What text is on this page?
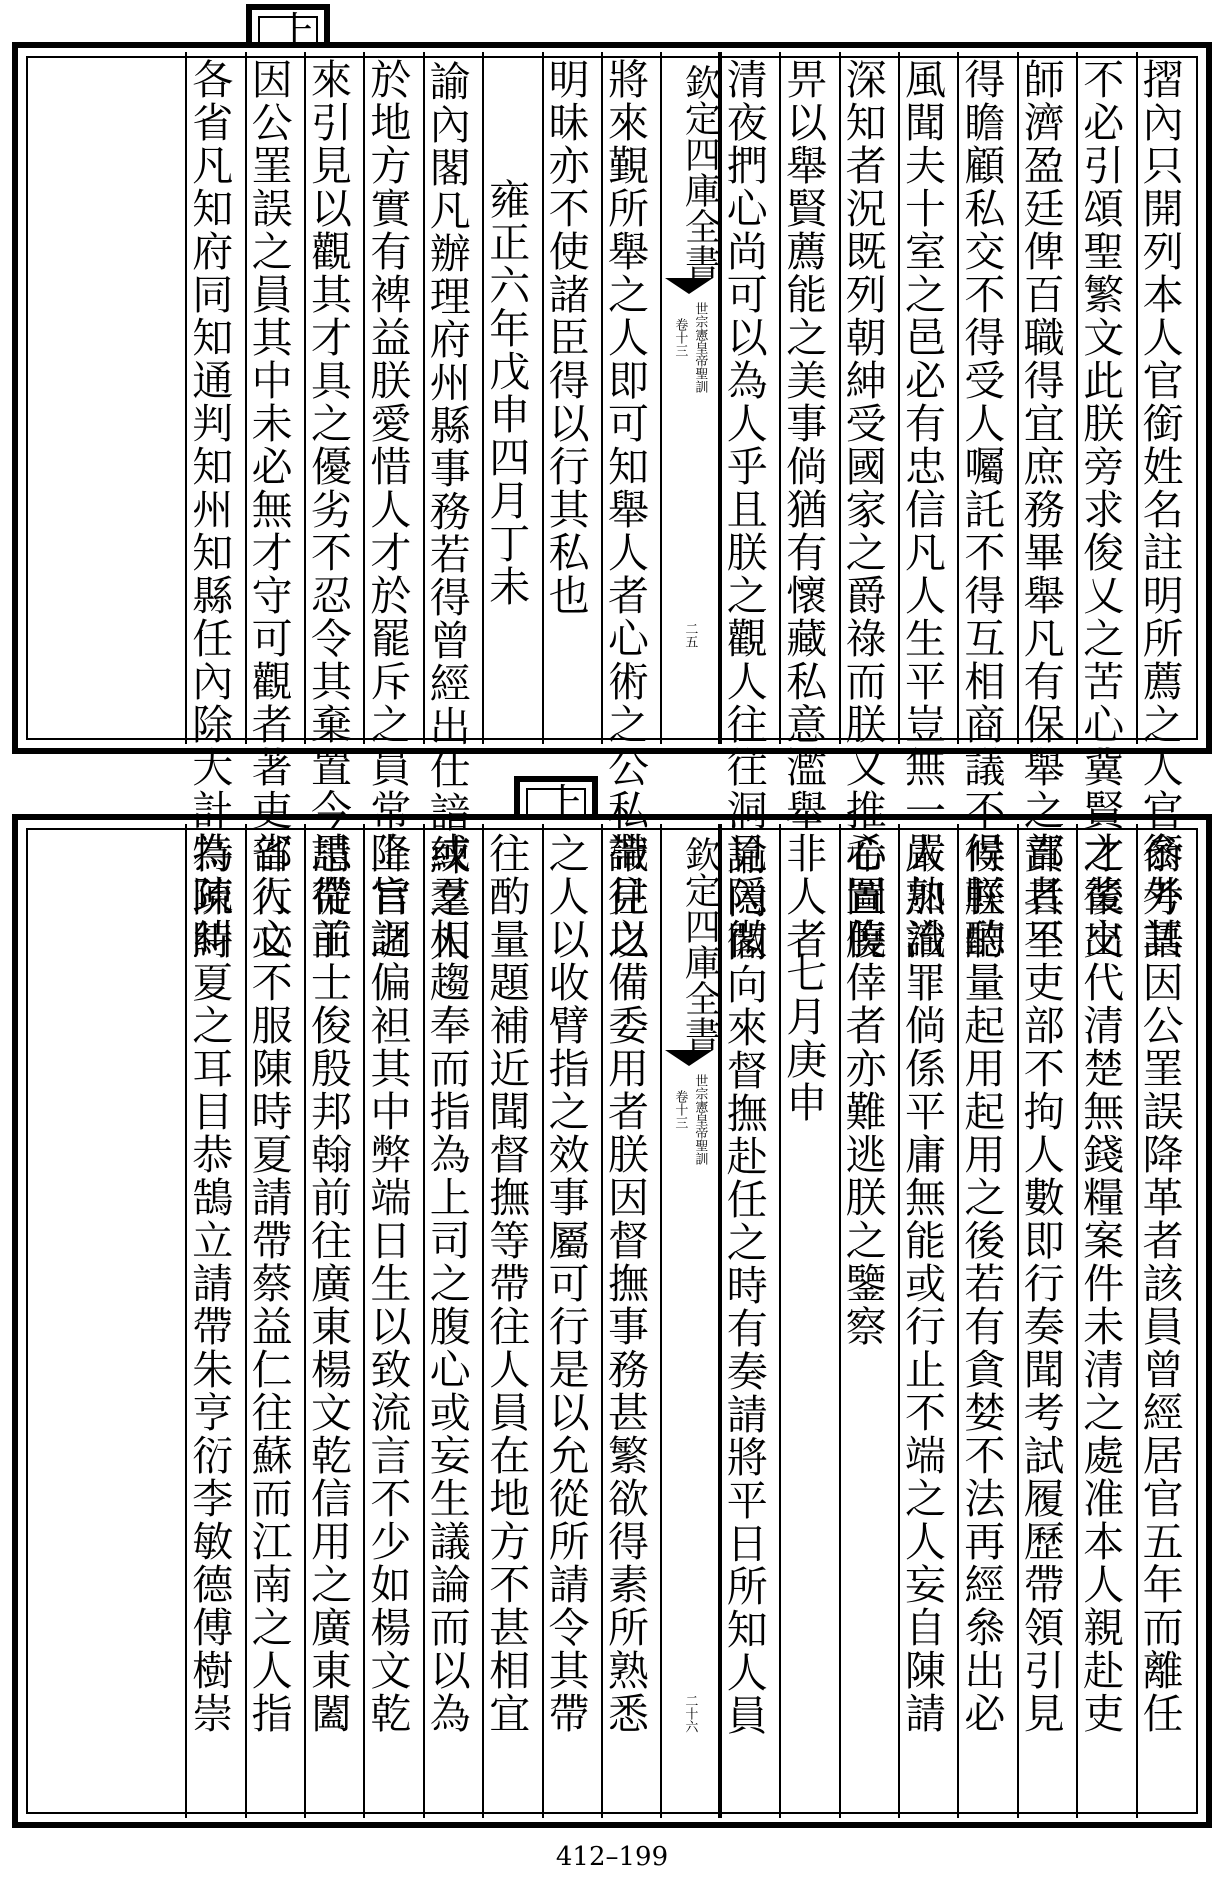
上
上	摺內只開列本人官銜姓名註明所薦之人官銜考語
不必引頌聖繁文此朕旁求俊乂之苦心冀賢才輩出
師濟盈廷俾百職得宜庶務畢舉凡有保舉之責者不
得瞻顧私交不得受人囑託不得互相商議不得輕聽
風聞夫十室之邑必有忠信凡人生平豈無一人熟識
深知者況既列朝紳受國家之爵祿而朕又推心置腹
畀以舉賢薦能之美事倘猶有懷藏私意濫舉非人者
清夜捫心尚可以為人乎且朕之觀人往往洞見隱微
將來覲所舉之人即可知舉人者心術之公私識見之
明昧亦不使諸臣得以行其私也
雍正六年戊申四月丁未
諭內閣凡辦理府州縣事務若得曾經出仕諳練之人
於地方實有裨益朕愛惜人才於罷斥之員常降旨調
來引見以觀其才具之優劣不忍令其棄置今思從前
因公罣誤之員其中未必無才守可觀者著吏部行文
各省凡知府同知通判知州知縣任內除大計特疏糾	欽定四庫全書
世宗憲皇帝聖訓
卷十三
二五
叅外其因公罣誤降革者該員曾經居官五年而離任
之後交代清楚無錢糧案件未清之處准本人親赴吏
部具呈吏部不拘人數即行奏聞考試履歷帶領引見
候朕酌量起用起用之後若有貪婪不法再經叅出必
嚴加治罪倘係平庸無能或行止不端之人妄自陳請
希圖僥倖者亦難逃朕之鑒察
七月庚申
諭內閣向來督撫赴任之時有奏請將平日所知人員
帶往以備委用者朕因督撫事務甚繁欲得素所熟悉
之人以收臂指之效事屬可行是以允從所請令其帶
往酌量題補近聞督撫等帶往人員在地方不甚相宜
或羣相趨奉而指為上司之腹心或妄生議論而以為
上官之偏袒其中弊端日生以致流言不少如楊文乾
請帶王士俊殷邦翰前往廣東楊文乾信用之廣東闔
省人心不服陳時夏請帶蔡益仁往蘇而江南之人指
為陳時夏之耳目恭鵠立請帶朱亨衍李敏德傅樹崇	欽定四庫全書
世宗憲皇帝聖訓
卷十三
二十六
412–199
